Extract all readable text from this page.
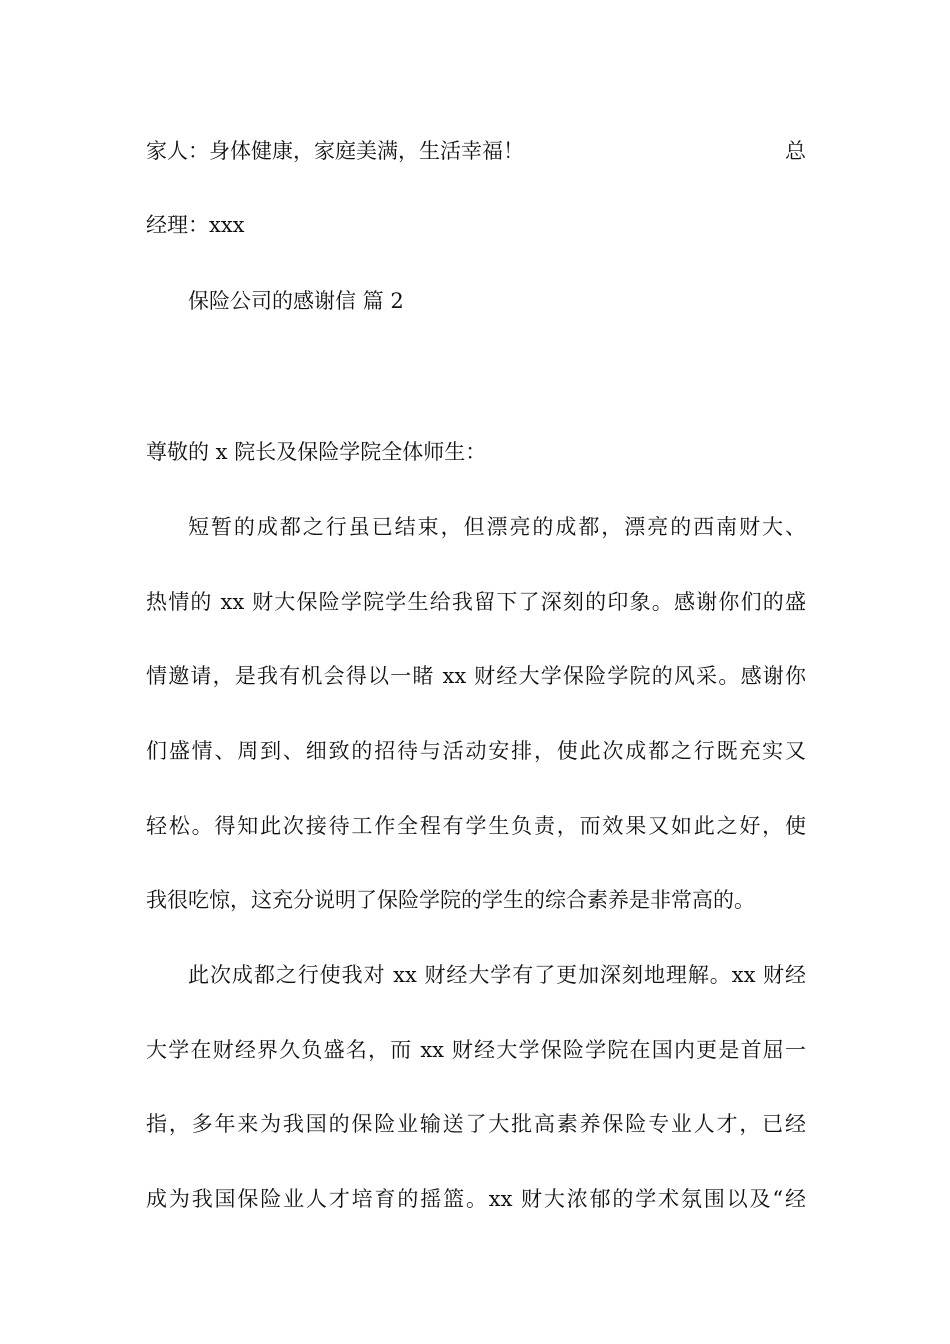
家人：身体健康，家庭美满，生活幸福！	总
经理：xxx
保险公司的感谢信 篇 2
尊敬的 x 院长及保险学院全体师生：
短暂的成都之行虽已结束，但漂亮的成都，漂亮的西南财大、
热情的 xx 财大保险学院学生给我留下了深刻的印象。感谢你们的盛
情邀请，是我有机会得以一睹 xx 财经大学保险学院的风采。感谢你
们盛情、周到、细致的招待与活动安排，使此次成都之行既充实又
轻松。得知此次接待工作全程有学生负责，而效果又如此之好，使
我很吃惊，这充分说明了保险学院的学生的综合素养是非常高的。
此次成都之行使我对 xx 财经大学有了更加深刻地理解。xx 财经
大学在财经界久负盛名，而 xx 财经大学保险学院在国内更是首屈一
指，多年来为我国的保险业输送了大批高素养保险专业人才，已经
成为我国保险业人才培育的摇篮。xx 财大浓郁的学术氛围以及“经
